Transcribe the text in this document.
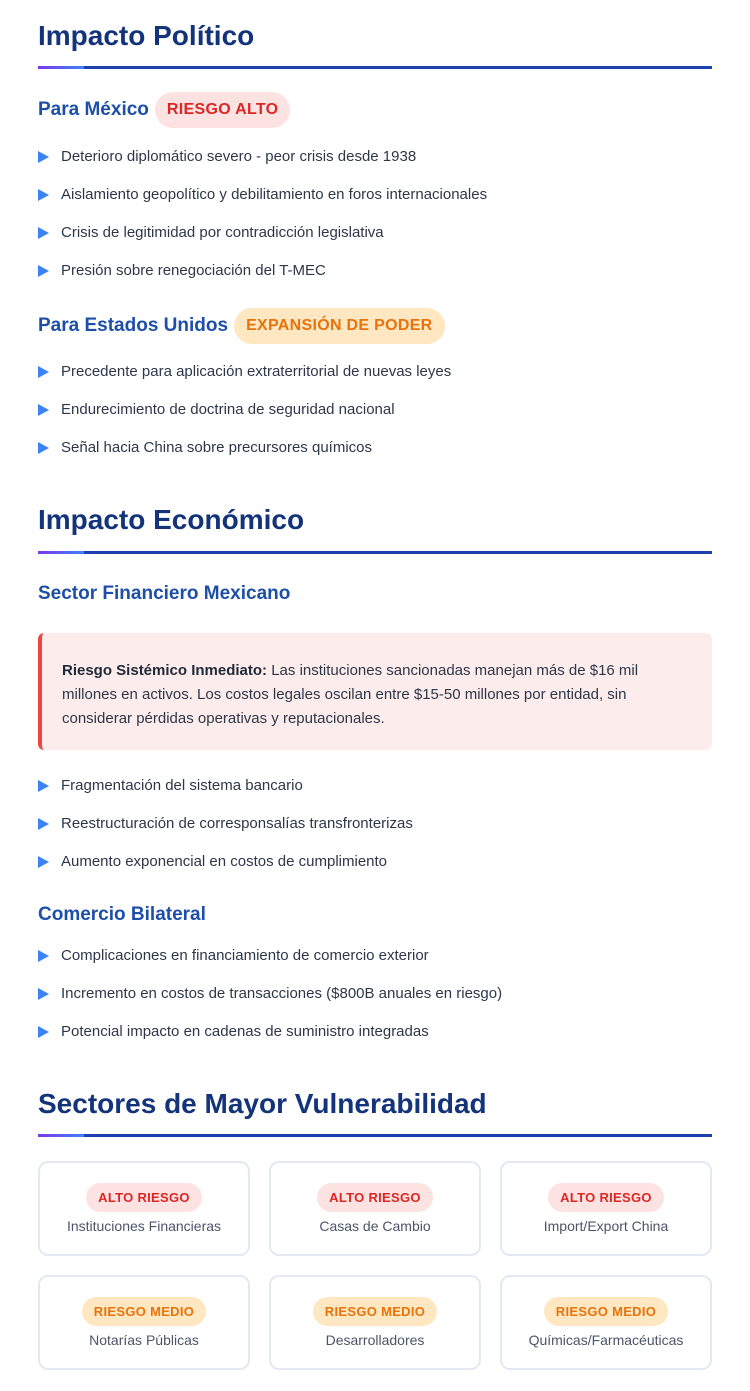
Impacto Político
Para México	RIESGO ALTO
Deterioro diplomático severo - peor crisis desde 1938
Aislamiento geopolítico y debilitamiento en foros internacionales
Crisis de legitimidad por contradicción legislativa
Presión sobre renegociación del T-MEC
Para Estados Unidos	EXPANSIÓN DE PODER
Precedente para aplicación extraterritorial de nuevas leyes
Endurecimiento de doctrina de seguridad nacional
Señal hacia China sobre precursores químicos
Impacto Económico
Sector Financiero Mexicano
Riesgo Sistémico Inmediato: Las instituciones sancionadas manejan más de $16 mil millones en activos. Los costos legales oscilan entre $15-50 millones por entidad, sin considerar pérdidas operativas y reputacionales.
Fragmentación del sistema bancario
Reestructuración de corresponsalías transfronterizas
Aumento exponencial en costos de cumplimiento
Comercio Bilateral
Complicaciones en financiamiento de comercio exterior
Incremento en costos de transacciones ($800B anuales en riesgo)
Potencial impacto en cadenas de suministro integradas
Sectores de Mayor Vulnerabilidad
ALTO RIESGO
Instituciones Financieras
ALTO RIESGO
Casas de Cambio
ALTO RIESGO
Import/Export China
RIESGO MEDIO
Notarías Públicas
RIESGO MEDIO
Desarrolladores
RIESGO MEDIO
Químicas/Farmacéuticas
